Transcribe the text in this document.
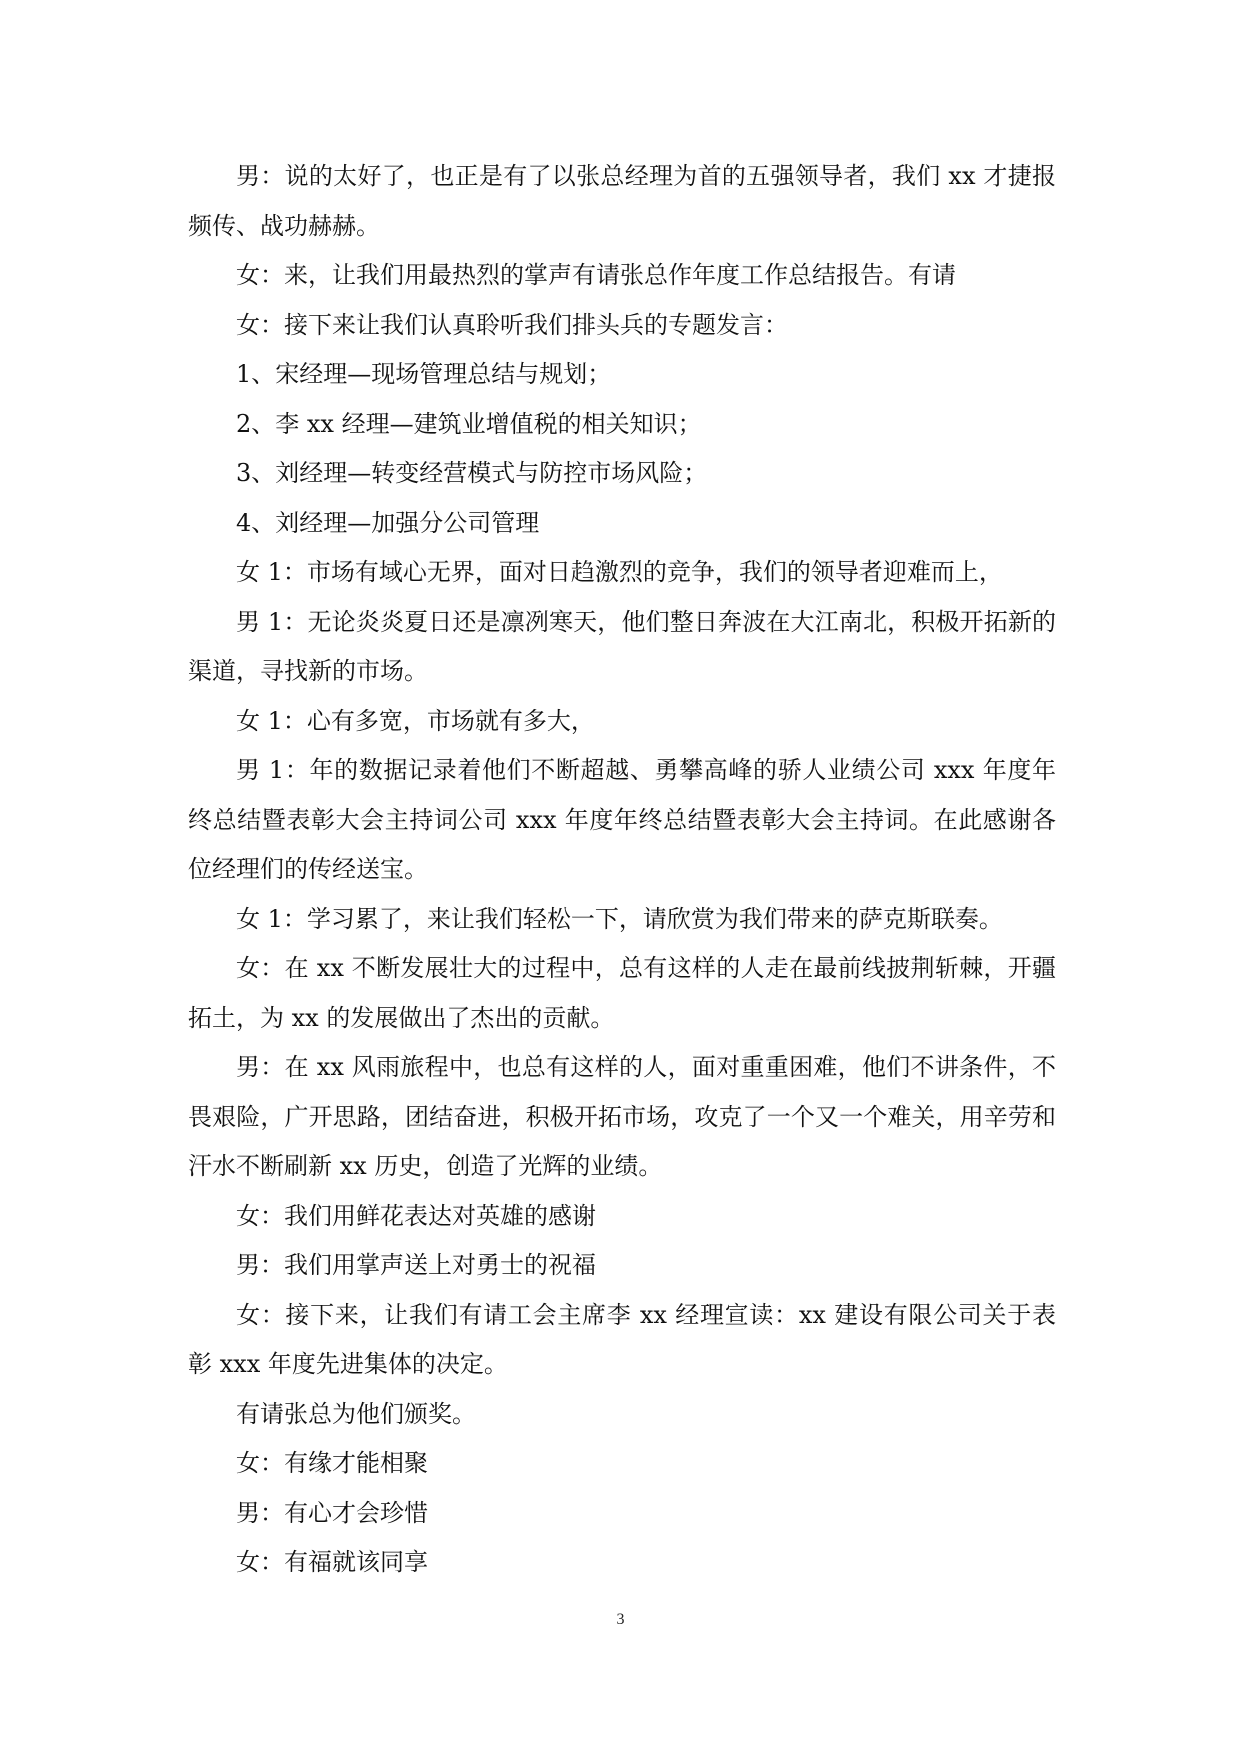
男：说的太好了，也正是有了以张总经理为首的五强领导者，我们 xx 才捷报频传、战功赫赫。

女：来，让我们用最热烈的掌声有请张总作年度工作总结报告。有请

女：接下来让我们认真聆听我们排头兵的专题发言：

1、宋经理—现场管理总结与规划；

2、李 xx 经理—建筑业增值税的相关知识；

3、刘经理—转变经营模式与防控市场风险；

4、刘经理—加强分公司管理

女 1：市场有域心无界，面对日趋激烈的竞争，我们的领导者迎难而上，

男 1：无论炎炎夏日还是凛冽寒天，他们整日奔波在大江南北，积极开拓新的渠道，寻找新的市场。

女 1：心有多宽，市场就有多大，

男 1：年的数据记录着他们不断超越、勇攀高峰的骄人业绩公司 xxx 年度年终总结暨表彰大会主持词公司 xxx 年度年终总结暨表彰大会主持词。在此感谢各位经理们的传经送宝。

女 1：学习累了，来让我们轻松一下，请欣赏为我们带来的萨克斯联奏。

女：在 xx 不断发展壮大的过程中，总有这样的人走在最前线披荆斩棘，开疆拓土，为 xx 的发展做出了杰出的贡献。

男：在 xx 风雨旅程中，也总有这样的人，面对重重困难，他们不讲条件，不畏艰险，广开思路，团结奋进，积极开拓市场，攻克了一个又一个难关，用辛劳和汗水不断刷新 xx 历史，创造了光辉的业绩。

女：我们用鲜花表达对英雄的感谢

男：我们用掌声送上对勇士的祝福

女：接下来，让我们有请工会主席李 xx 经理宣读：xx 建设有限公司关于表彰 xxx 年度先进集体的决定。

有请张总为他们颁奖。

女：有缘才能相聚

男：有心才会珍惜

女：有福就该同享

3
